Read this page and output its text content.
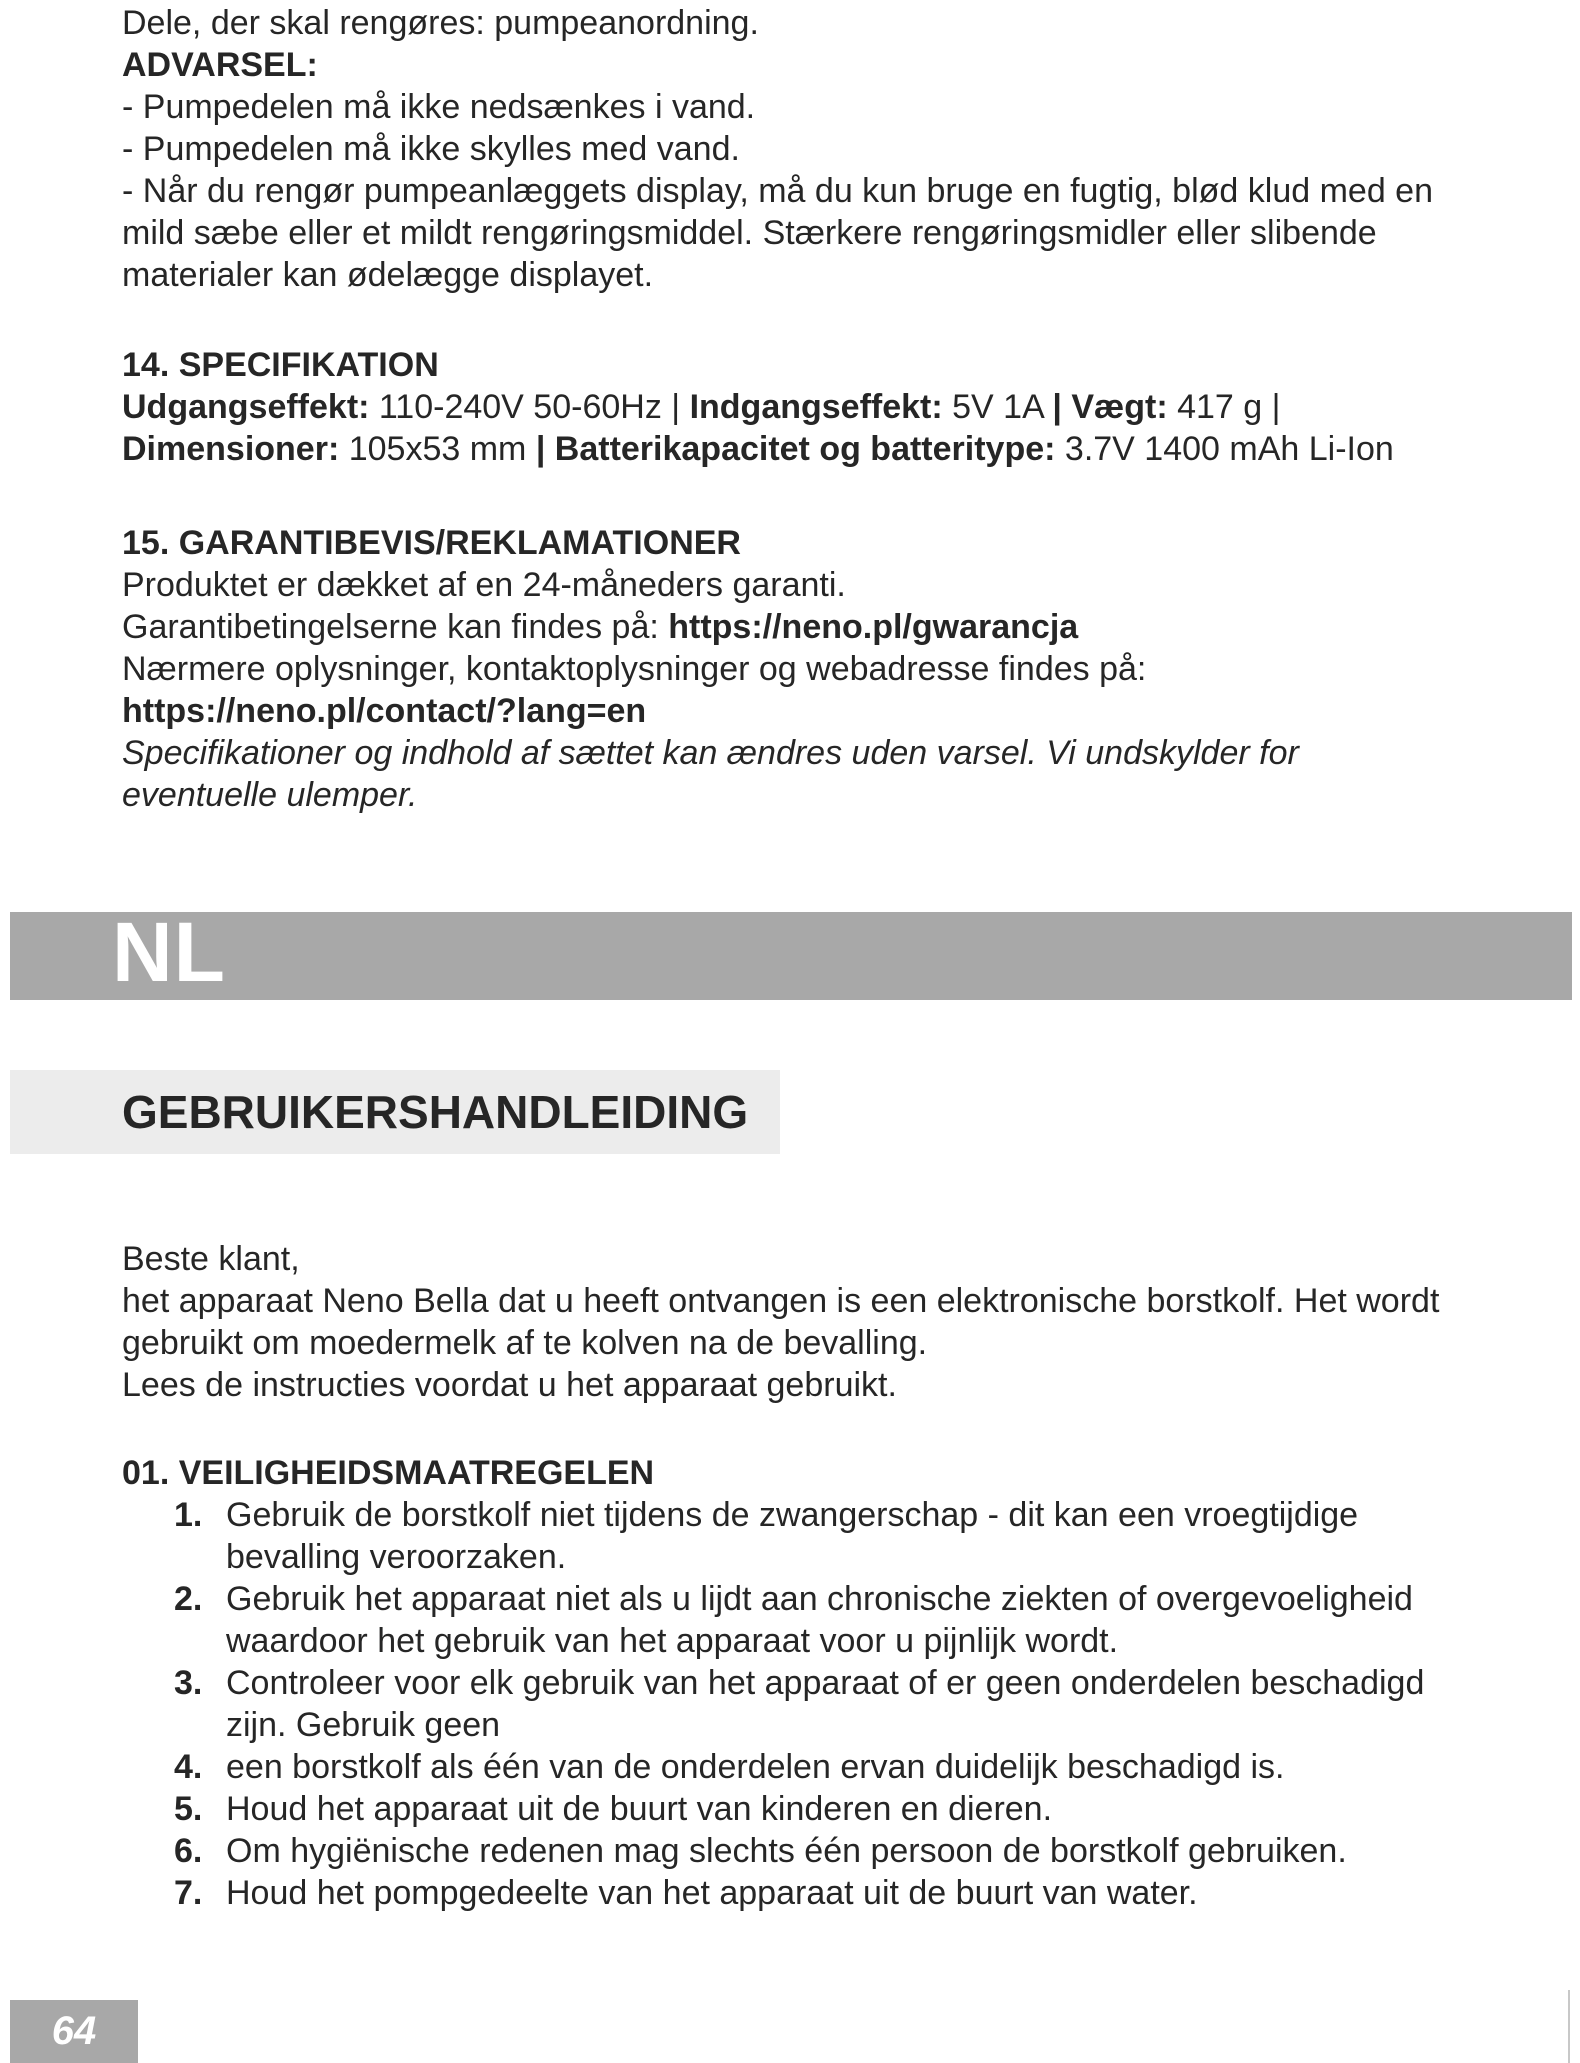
Dele, der skal rengøres: pumpeanordning.

ADVARSEL:

- Pumpedelen må ikke nedsænkes i vand.

- Pumpedelen må ikke skylles med vand.

- Når du rengør pumpeanlæggets display, må du kun bruge en fugtig, blød klud med en mild sæbe eller et mildt rengøringsmiddel. Stærkere rengøringsmidler eller slibende materialer kan ødelægge displayet.

14. SPECIFIKATION

Udgangseffekt: 110-240V 50-60Hz | Indgangseffekt: 5V 1A | Vægt: 417 g | Dimensioner: 105x53 mm | Batterikapacitet og batteritype: 3.7V 1400 mAh Li-Ion

15. GARANTIBEVIS/REKLAMATIONER

Produktet er dækket af en 24-måneders garanti.

Garantibetingelserne kan findes på: https://neno.pl/gwarancja

Nærmere oplysninger, kontaktoplysninger og webadresse findes på:

https://neno.pl/contact/?lang=en

Specifikationer og indhold af sættet kan ændres uden varsel. Vi undskylder for eventuelle ulemper.

NL
GEBRUIKERSHANDLEIDING

Beste klant,

het apparaat Neno Bella dat u heeft ontvangen is een elektronische borstkolf. Het wordt gebruikt om moedermelk af te kolven na de bevalling.

Lees de instructies voordat u het apparaat gebruikt.

01. VEILIGHEIDSMAATREGELEN

1. Gebruik de borstkolf niet tijdens de zwangerschap - dit kan een vroegtijdige bevalling veroorzaken.
2. Gebruik het apparaat niet als u lijdt aan chronische ziekten of overgevoeligheid waardoor het gebruik van het apparaat voor u pijnlijk wordt.
3. Controleer voor elk gebruik van het apparaat of er geen onderdelen beschadigd zijn. Gebruik geen
4. een borstkolf als één van de onderdelen ervan duidelijk beschadigd is.
5. Houd het apparaat uit de buurt van kinderen en dieren.
6. Om hygiënische redenen mag slechts één persoon de borstkolf gebruiken.
7. Houd het pompgedeelte van het apparaat uit de buurt van water.
64
